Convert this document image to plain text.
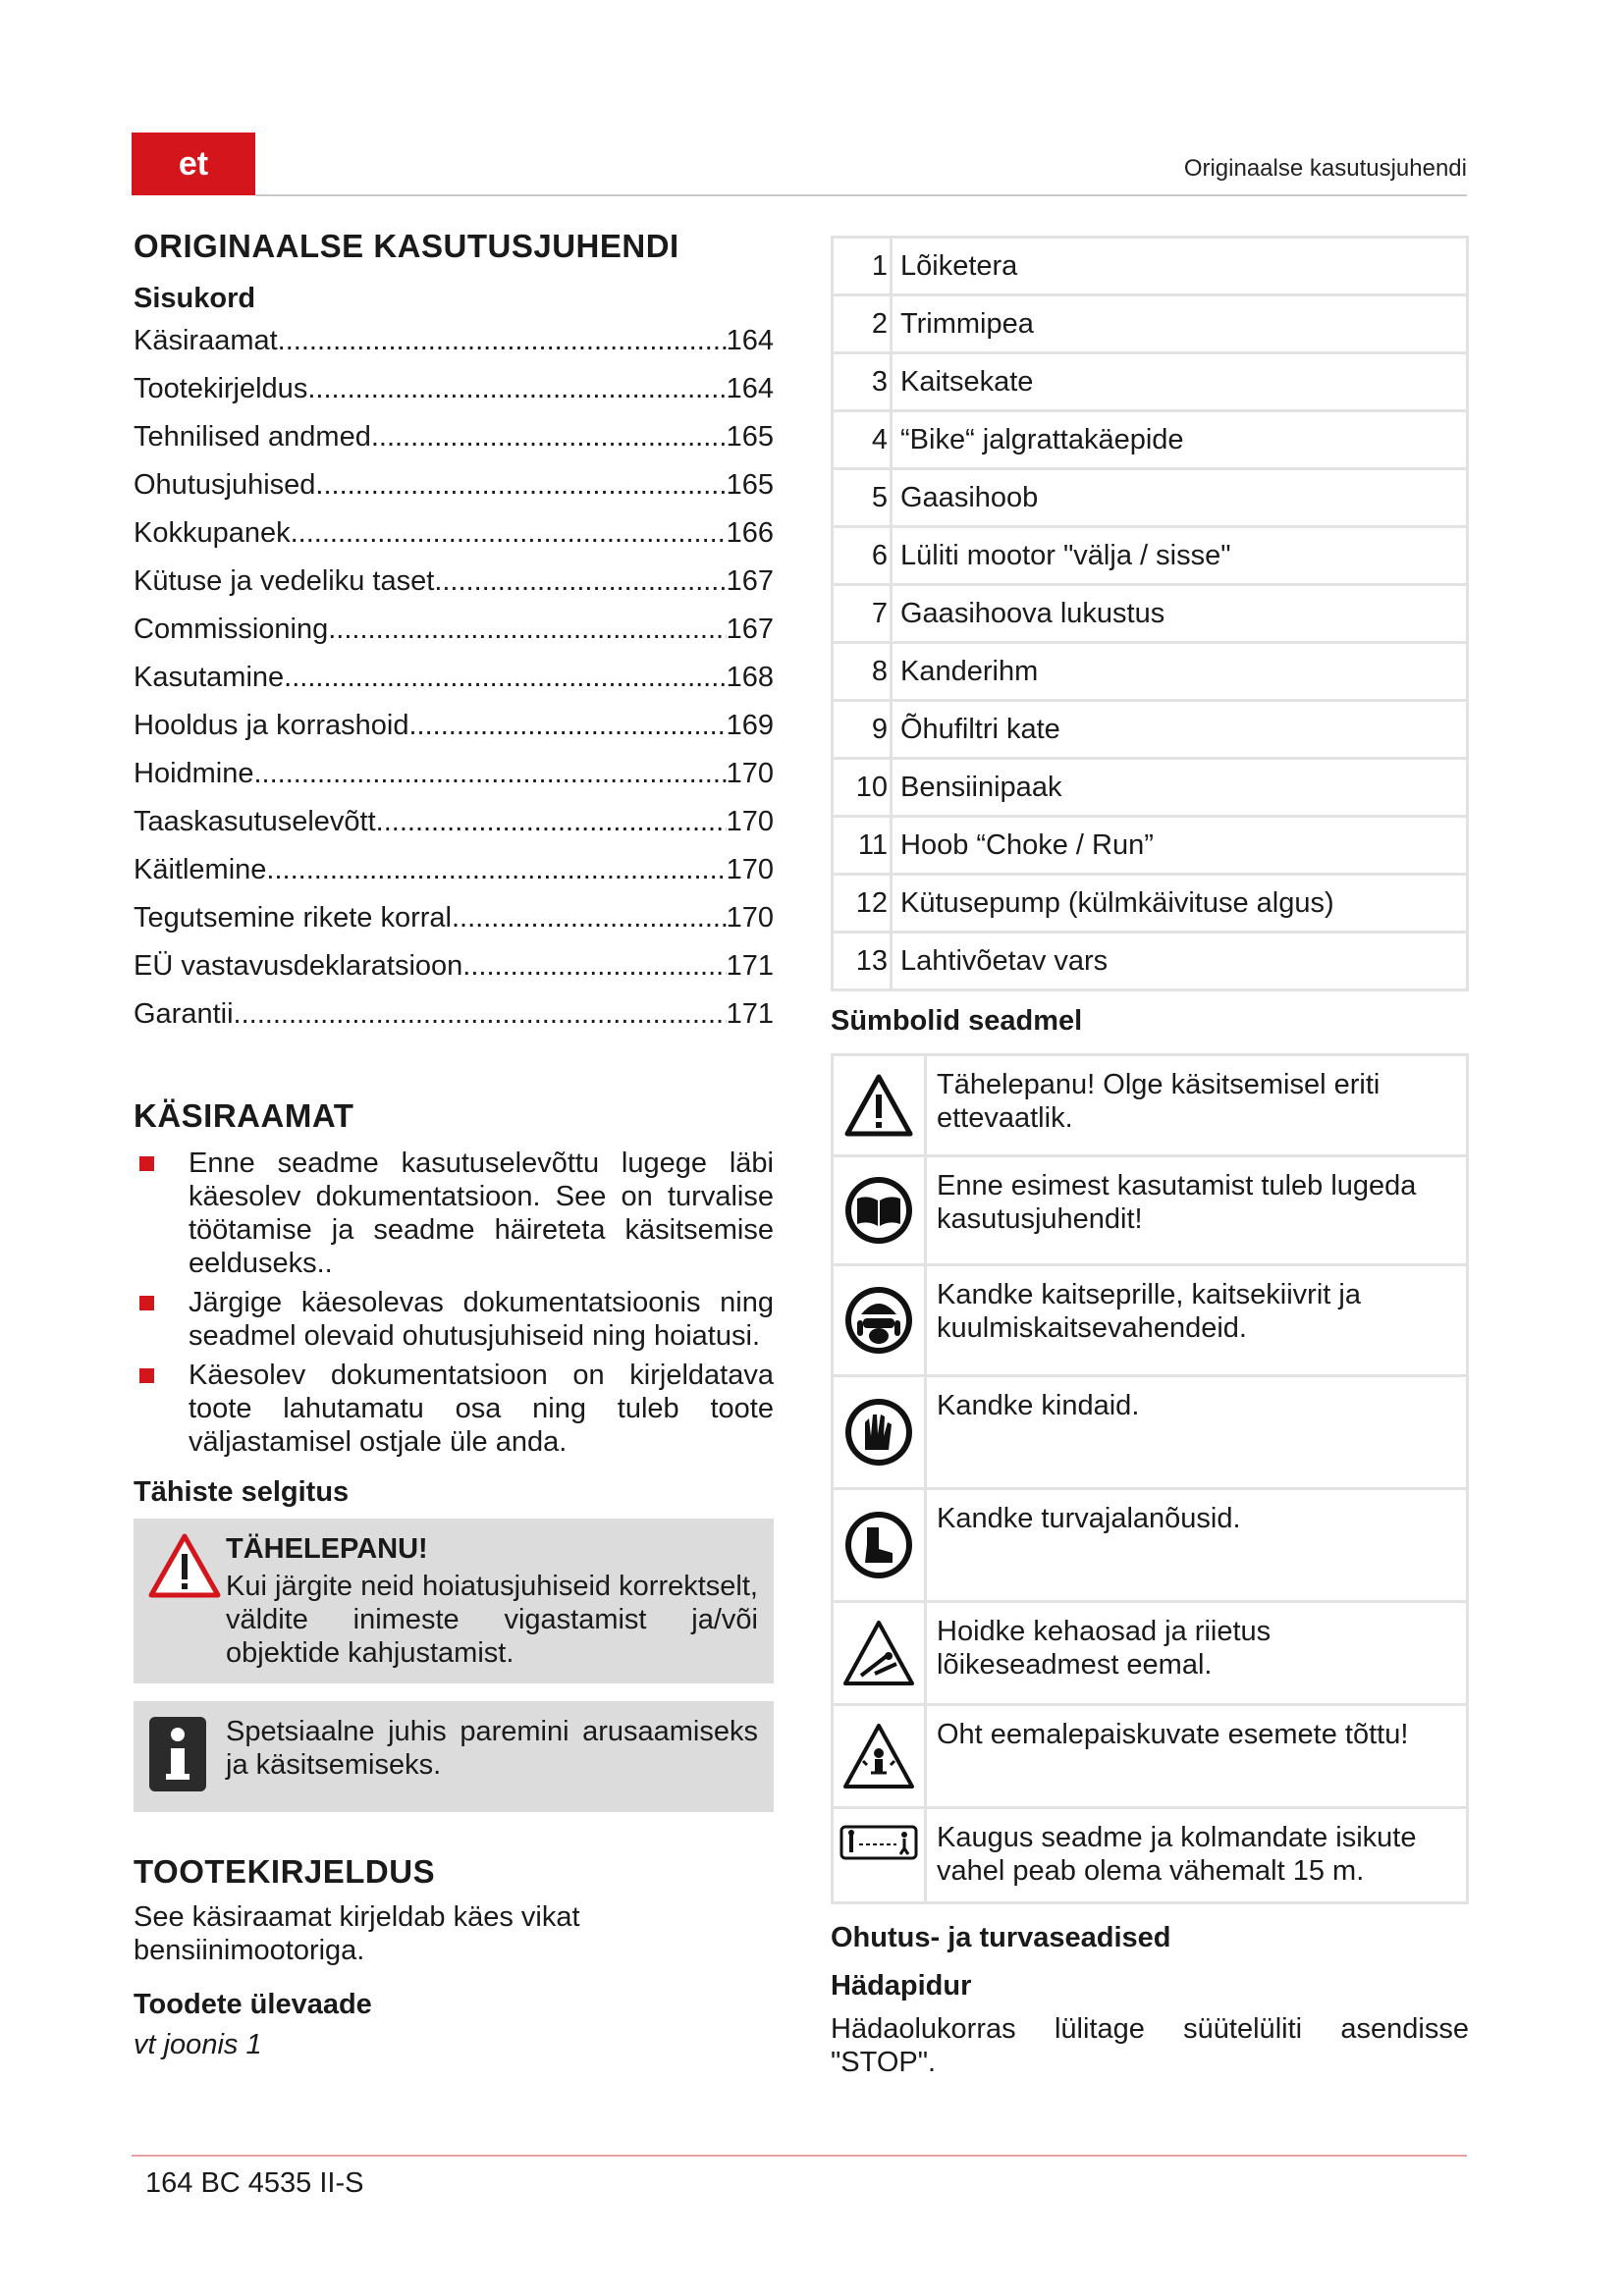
et	Originaalse kasutusjuhendi
ORIGINAALSE KASUTUSJUHENDI
Sisukord
Käsiraamat .....	164
Tootekirjeldus .....	164
Tehnilised andmed .....	165
Ohutusjuhised .....	165
Kokkupanek .....	166
Kütuse ja vedeliku taset .....	167
Commissioning .....	167
Kasutamine .....	168
Hooldus ja korrashoid .....	169
Hoidmine .....	170
Taaskasutuselevõtt .....	170
Käitlemine .....	170
Tegutsemine rikete korral .....	170
EÜ vastavusdeklaratsioon .....	171
Garantii .....	171
KÄSIRAAMAT
Enne seadme kasutuselevõttu lugege läbi käesolev dokumentatsioon. See on turvalise töötamise ja seadme häireteta käsitsemise eelduseks..
Järgige käesolevas dokumentatsioonis ning seadmel olevaid ohutusjuhiseid ning hoiatusi.
Käesolev dokumentatsioon on kirjeldatava toote lahutamatu osa ning tuleb toote väljastamisel ostjale üle anda.
Tähiste selgitus
TÄHELEPANU!
Kui järgite neid hoiatusjuhiseid korrektselt, väldite inimeste vigastamist ja/või objektide kahjustamist.
Spetsiaalne juhis paremini arusaamiseks ja käsitsemiseks.
TOOTEKIRJELDUS
See käsiraamat kirjeldab käes vikat bensiinimootoriga.
Toodete ülevaade
vt joonis 1
1 Lõiketera
2 Trimmipea
3 Kaitsekate
4 “Bike“ jalgrattakäepide
5 Gaasihoob
6 Lüliti mootor "välja / sisse"
7 Gaasihoova lukustus
8 Kanderihm
9 Õhufiltri kate
10 Bensiinipaak
11 Hoob “Choke / Run”
12 Kütusepump (külmkäivituse algus)
13 Lahtivõetav vars
Sümbolid seadmel
Tähelepanu! Olge käsitsemisel eriti ettevaatlik.
Enne esimest kasutamist tuleb lugeda kasutusjuhendit!
Kandke kaitseprille, kaitsekiivrit ja kuulmiskaitsevahendeid.
Kandke kindaid.
Kandke turvajalanõusid.
Hoidke kehaosad ja riietus lõikeseadmest eemal.
Oht eemalepaiskuvate esemete tõttu!
Kaugus seadme ja kolmandate isikute vahel peab olema vähemalt 15 m.
Ohutus- ja turvaseadised
Hädapidur
Hädaolukorras lülitage süütelüliti asendisse "STOP".
164 BC 4535 II-S
